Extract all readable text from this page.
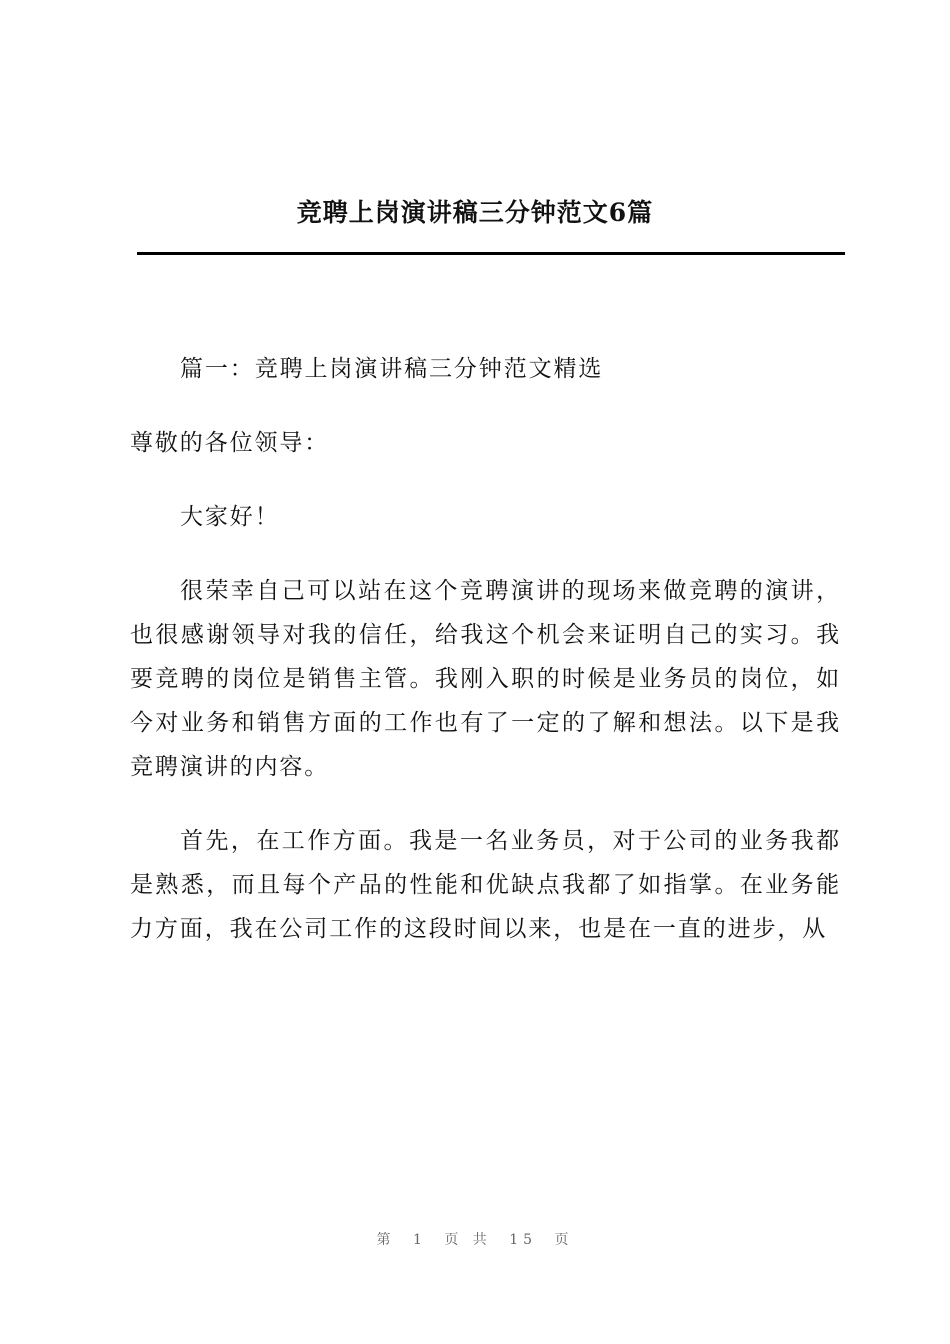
竞聘上岗演讲稿三分钟范文6篇

篇一：竞聘上岗演讲稿三分钟范文精选

尊敬的各位领导：

大家好！

很荣幸自己可以站在这个竞聘演讲的现场来做竞聘的演讲，也很感谢领导对我的信任，给我这个机会来证明自己的实习。我要竞聘的岗位是销售主管。我刚入职的时候是业务员的岗位，如今对业务和销售方面的工作也有了一定的了解和想法。以下是我竞聘演讲的内容。

首先，在工作方面。我是一名业务员，对于公司的业务我都是熟悉，而且每个产品的性能和优缺点我都了如指掌。在业务能力方面，我在公司工作的这段时间以来，也是在一直的进步，从

第 1 页 共 15 页
